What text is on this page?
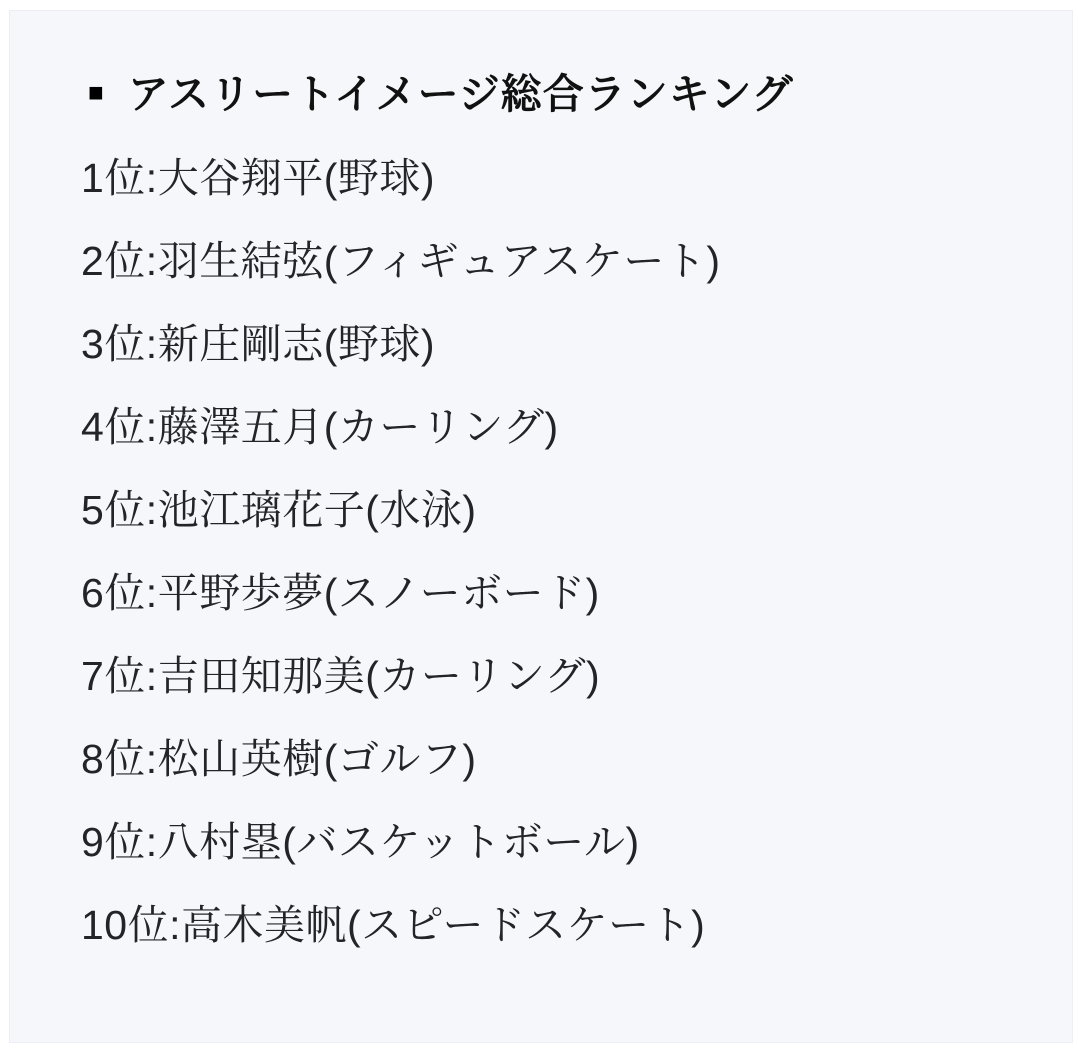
■ アスリートイメージ総合ランキング
1位:大谷翔平(野球)
2位:羽生結弦(フィギュアスケート)
3位:新庄剛志(野球)
4位:藤澤五月(カーリング)
5位:池江璃花子(水泳)
6位:平野歩夢(スノーボード)
7位:吉田知那美(カーリング)
8位:松山英樹(ゴルフ)
9位:八村塁(バスケットボール)
10位:高木美帆(スピードスケート)
